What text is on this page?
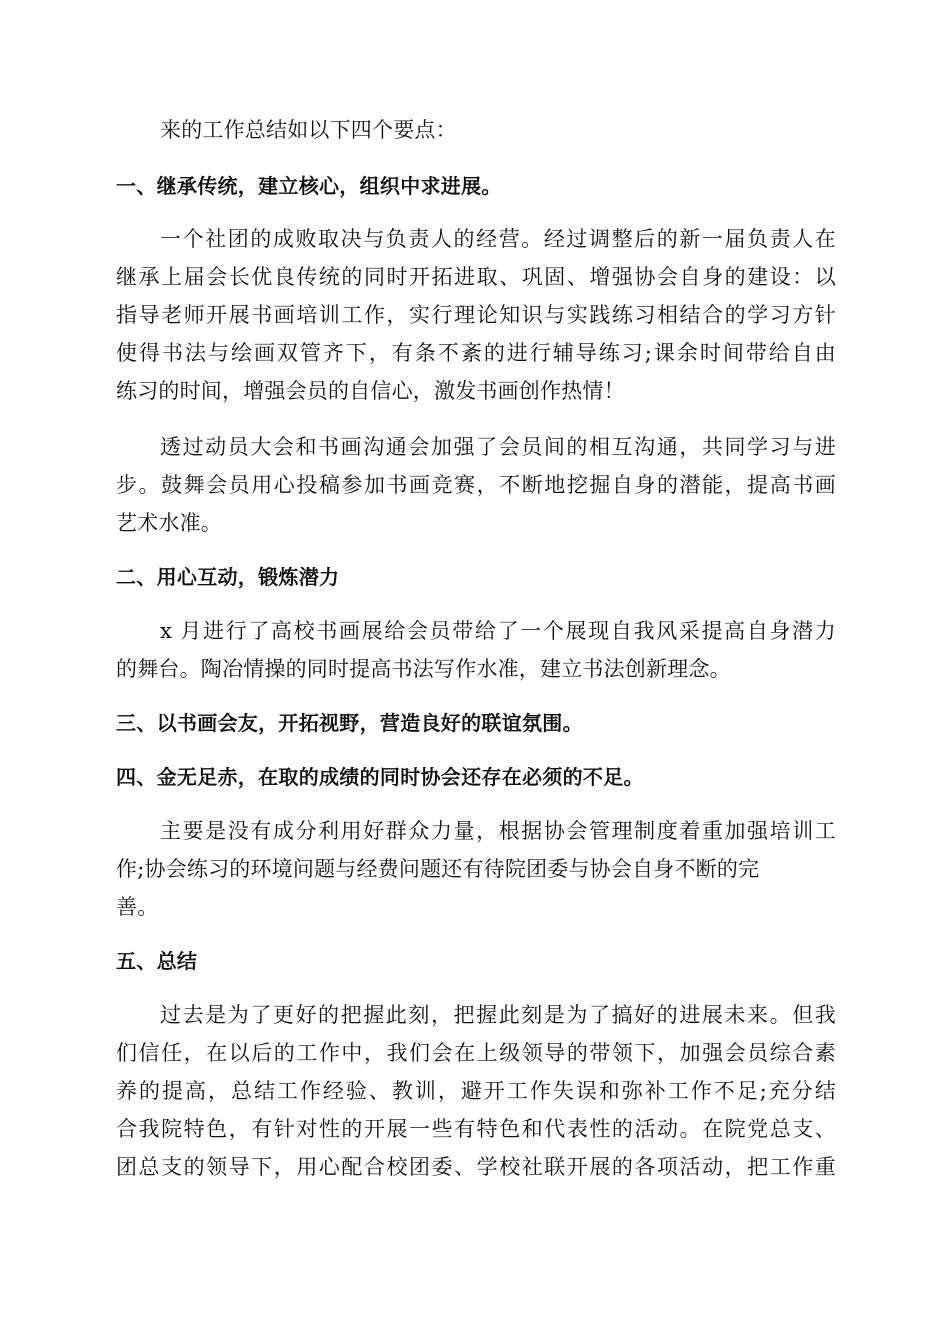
来的工作总结如以下四个要点：
一、继承传统，建立核心，组织中求进展。
一个社团的成败取决与负责人的经营。经过调整后的新一届负责人在
继承上届会长优良传统的同时开拓进取、巩固、增强协会自身的建设：以
指导老师开展书画培训工作，实行理论知识与实践练习相结合的学习方针
使得书法与绘画双管齐下，有条不紊的进行辅导练习;课余时间带给自由
练习的时间，增强会员的自信心，激发书画创作热情！
透过动员大会和书画沟通会加强了会员间的相互沟通，共同学习与进
步。鼓舞会员用心投稿参加书画竞赛，不断地挖掘自身的潜能，提高书画
艺术水准。
二、用心互动，锻炼潜力
x 月进行了高校书画展给会员带给了一个展现自我风采提高自身潜力
的舞台。陶冶情操的同时提高书法写作水准，建立书法创新理念。
三、以书画会友，开拓视野，营造良好的联谊氛围。
四、金无足赤，在取的成绩的同时协会还存在必须的不足。
主要是没有成分利用好群众力量，根据协会管理制度着重加强培训工
作;协会练习的环境问题与经费问题还有待院团委与协会自身不断的完
善。
五、总结
过去是为了更好的把握此刻，把握此刻是为了搞好的进展未来。但我
们信任，在以后的工作中，我们会在上级领导的带领下，加强会员综合素
养的提高，总结工作经验、教训，避开工作失误和弥补工作不足;充分结
合我院特色，有针对性的开展一些有特色和代表性的活动。在院党总支、
团总支的领导下，用心配合校团委、学校社联开展的各项活动，把工作重
